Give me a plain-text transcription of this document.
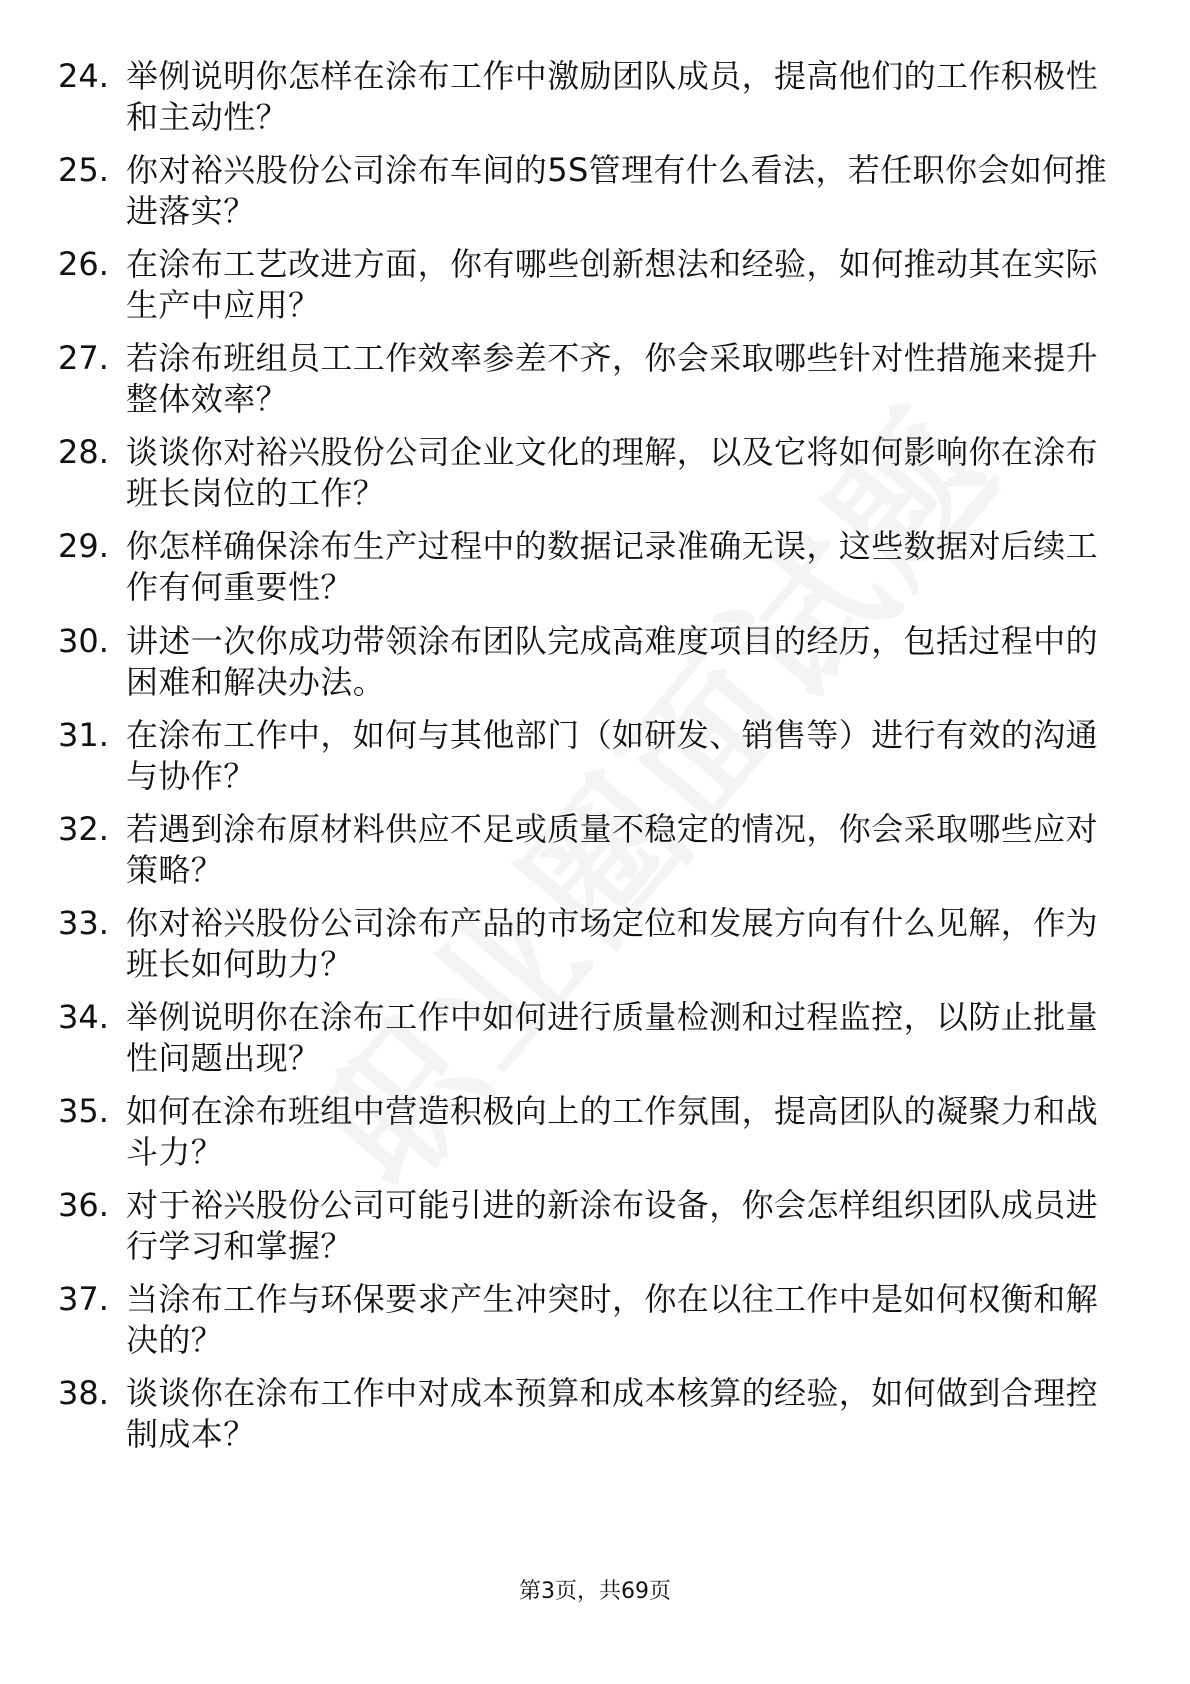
24. 举例说明你怎样在涂布工作中激励团队成员，提高他们的工作积极性和主动性？
25. 你对裕兴股份公司涂布车间的5S管理有什么看法，若任职你会如何推进落实？
26. 在涂布工艺改进方面，你有哪些创新想法和经验，如何推动其在实际生产中应用？
27. 若涂布班组员工工作效率参差不齐，你会采取哪些针对性措施来提升整体效率？
28. 谈谈你对裕兴股份公司企业文化的理解，以及它将如何影响你在涂布班长岗位的工作？
29. 你怎样确保涂布生产过程中的数据记录准确无误，这些数据对后续工作有何重要性？
30. 讲述一次你成功带领涂布团队完成高难度项目的经历，包括过程中的困难和解决办法。
31. 在涂布工作中，如何与其他部门（如研发、销售等）进行有效的沟通与协作？
32. 若遇到涂布原材料供应不足或质量不稳定的情况，你会采取哪些应对策略？
33. 你对裕兴股份公司涂布产品的市场定位和发展方向有什么见解，作为班长如何助力？
34. 举例说明你在涂布工作中如何进行质量检测和过程监控，以防止批量性问题出现？
35. 如何在涂布班组中营造积极向上的工作氛围，提高团队的凝聚力和战斗力？
36. 对于裕兴股份公司可能引进的新涂布设备，你会怎样组织团队成员进行学习和掌握？
37. 当涂布工作与环保要求产生冲突时，你在以往工作中是如何权衡和解决的？
38. 谈谈你在涂布工作中对成本预算和成本核算的经验，如何做到合理控制成本？
第3页，共69页
